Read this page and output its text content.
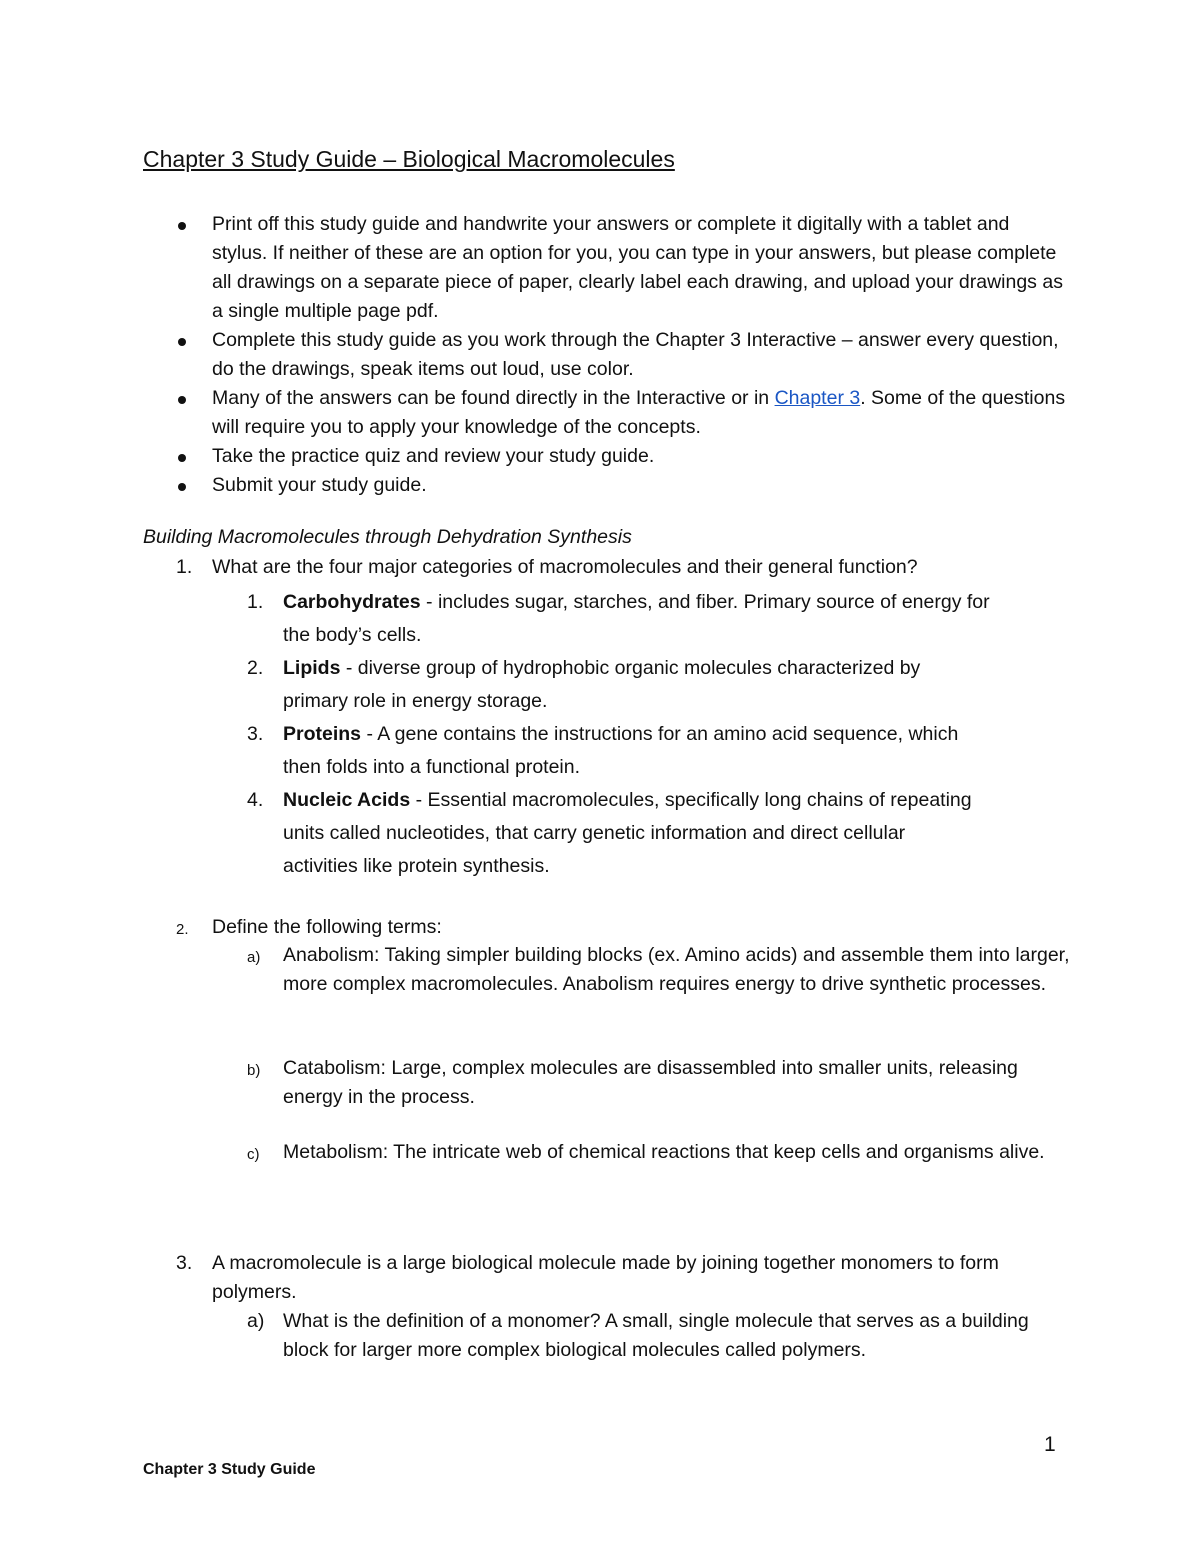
Chapter 3 Study Guide – Biological Macromolecules
Print off this study guide and handwrite your answers or complete it digitally with a tablet and stylus. If neither of these are an option for you, you can type in your answers, but please complete all drawings on a separate piece of paper, clearly label each drawing, and upload your drawings as a single multiple page pdf.
Complete this study guide as you work through the Chapter 3 Interactive – answer every question, do the drawings, speak items out loud, use color.
Many of the answers can be found directly in the Interactive or in Chapter 3. Some of the questions will require you to apply your knowledge of the concepts.
Take the practice quiz and review your study guide.
Submit your study guide.
Building Macromolecules through Dehydration Synthesis
1. What are the four major categories of macromolecules and their general function?
1. Carbohydrates - includes sugar, starches, and fiber. Primary source of energy for
the body’s cells.
2. Lipids - diverse group of hydrophobic organic molecules characterized by
primary role in energy storage.
3. Proteins - A gene contains the instructions for an amino acid sequence, which
then folds into a functional protein.
4. Nucleic Acids - Essential macromolecules, specifically long chains of repeating
units called nucleotides, that carry genetic information and direct cellular
activities like protein synthesis.
2. Define the following terms:
a) Anabolism: Taking simpler building blocks (ex. Amino acids) and assemble them into larger, more complex macromolecules. Anabolism requires energy to drive synthetic processes.
b) Catabolism: Large, complex molecules are disassembled into smaller units, releasing energy in the process.
c) Metabolism: The intricate web of chemical reactions that keep cells and organisms alive.
3. A macromolecule is a large biological molecule made by joining together monomers to form polymers.
a) What is the definition of a monomer? A small, single molecule that serves as a building block for larger more complex biological molecules called polymers.
1
Chapter 3 Study Guide
